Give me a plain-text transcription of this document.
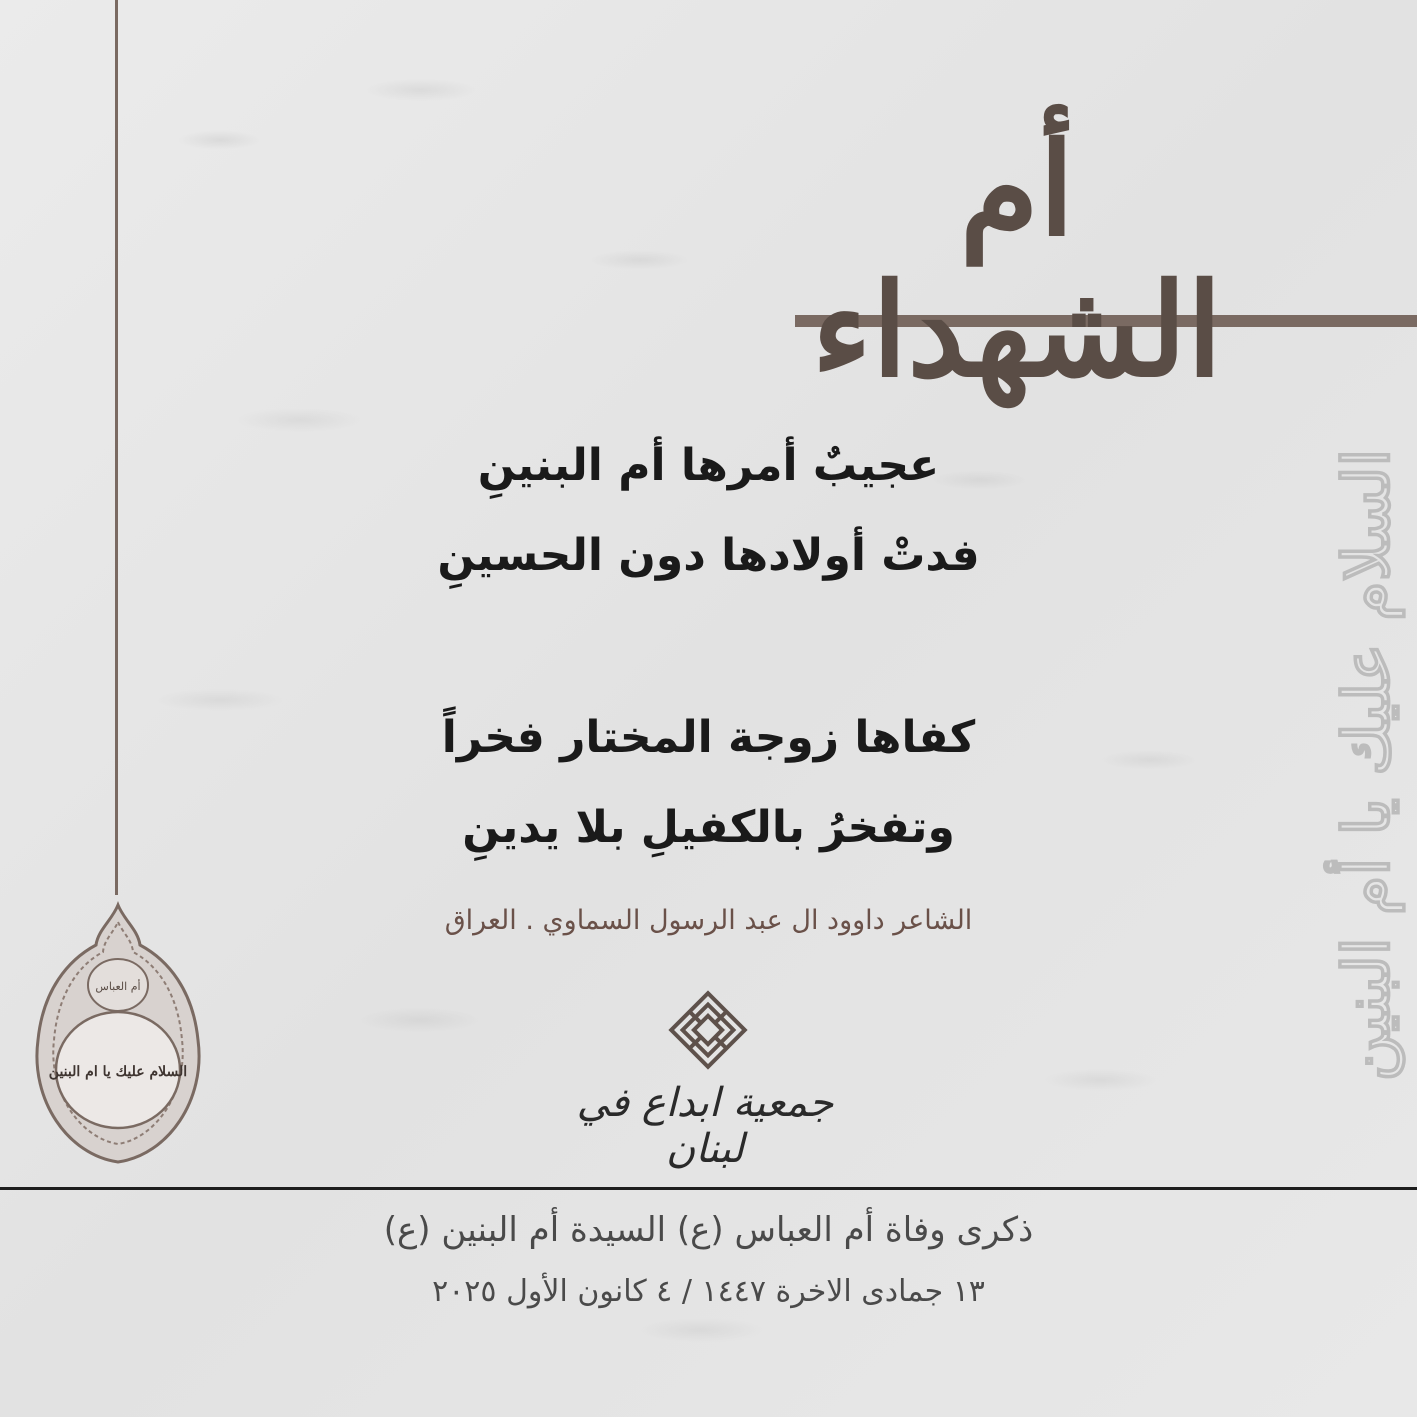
أم الشهداء
السلام عليك يا أم البنين
عجيبٌ أمرها أم البنينِ
فدتْ أولادها دون الحسينِ
كفاها زوجة المختار فخراً
وتفخرُ بالكفيلِ بلا يدينِ
الشاعر داوود ال عبد الرسول السماوي . العراق
جمعية ابداع في لبنان
أم العباس
السلام عليك يا ام البنين
ذكرى وفاة أم العباس (ع) السيدة أم البنين (ع)
١٣ جمادى الاخرة ١٤٤٧ / ٤ كانون الأول ٢٠٢٥
